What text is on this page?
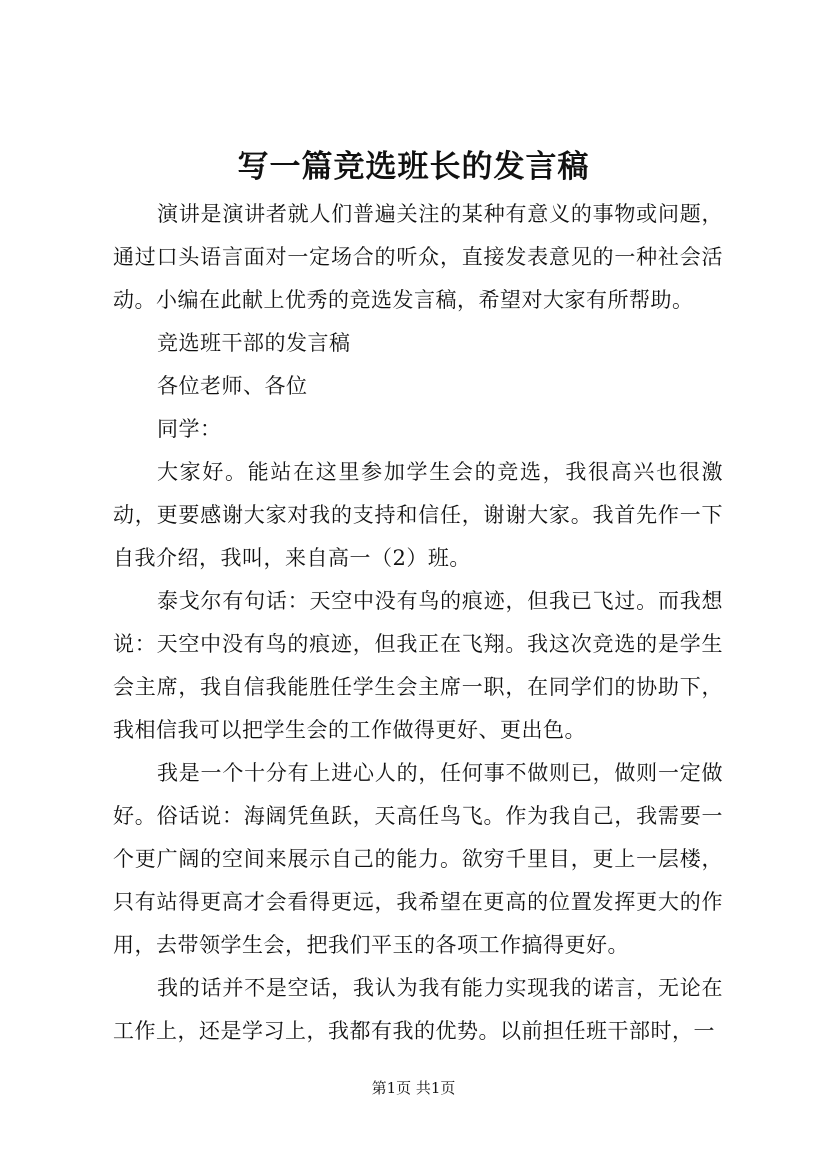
写一篇竞选班长的发言稿

演讲是演讲者就人们普遍关注的某种有意义的事物或问题，通过口头语言面对一定场合的听众，直接发表意见的一种社会活动。小编在此献上优秀的竞选发言稿，希望对大家有所帮助。

竞选班干部的发言稿

各位老师、各位

同学：

大家好。能站在这里参加学生会的竞选，我很高兴也很激动，更要感谢大家对我的支持和信任，谢谢大家。我首先作一下自我介绍，我叫，来自高一（2）班。

泰戈尔有句话：天空中没有鸟的痕迹，但我已飞过。而我想说：天空中没有鸟的痕迹，但我正在飞翔。我这次竞选的是学生会主席，我自信我能胜任学生会主席一职，在同学们的协助下，我相信我可以把学生会的工作做得更好、更出色。

我是一个十分有上进心人的，任何事不做则已，做则一定做好。俗话说：海阔凭鱼跃，天高任鸟飞。作为我自己，我需要一个更广阔的空间来展示自己的能力。欲穷千里目，更上一层楼，只有站得更高才会看得更远，我希望在更高的位置发挥更大的作用，去带领学生会，把我们平玉的各项工作搞得更好。

我的话并不是空话，我认为我有能力实现我的诺言，无论在工作上，还是学习上，我都有我的优势。以前担任班干部时，一

第1页 共1页
